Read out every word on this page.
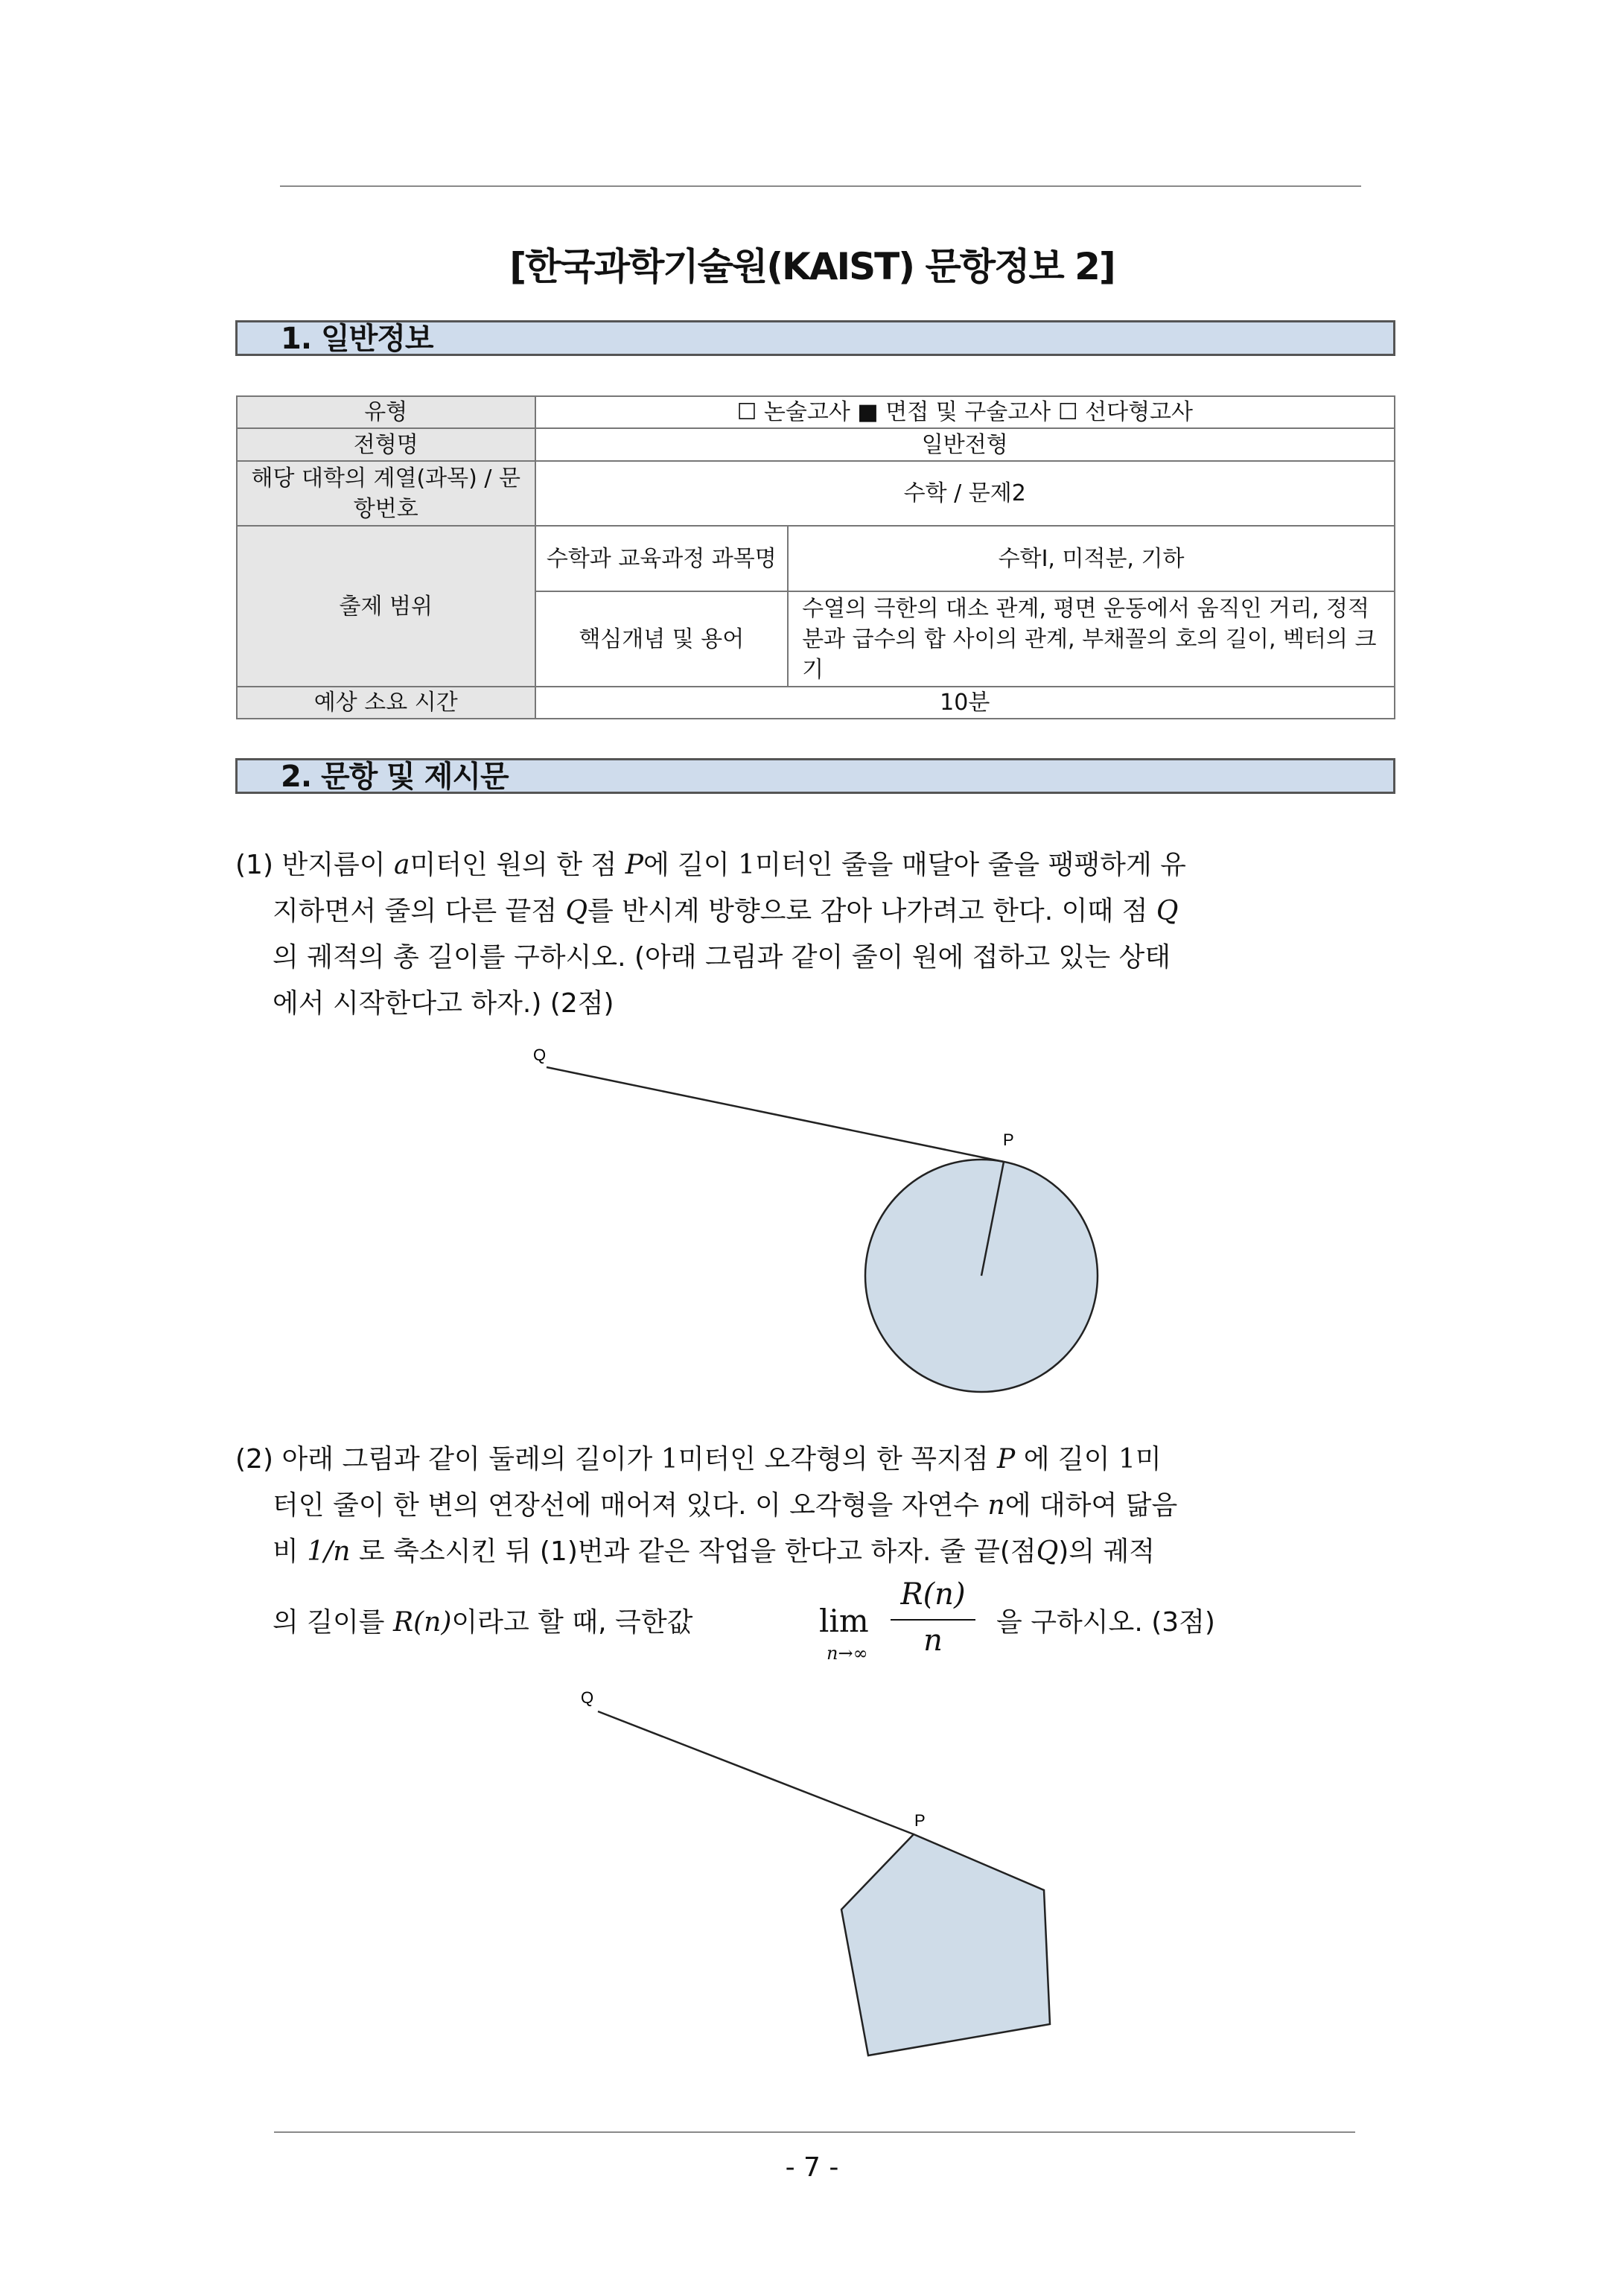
[한국과학기술원(KAIST) 문항정보 2]
1. 일반정보
유형	☐ 논술고사 ■ 면접 및 구술고사 ☐ 선다형고사	
전형명	일반전형	
해당 대학의 계열(과목) / 문항번호	수학 / 문제2	
출제 범위	수학과 교육과정 과목명	수학Ⅰ, 미적분, 기하
	핵심개념 및 용어	수열의 극한의 대소 관계, 평면 운동에서 움직인 거리, 정적분과 급수의 합 사이의 관계, 부채꼴의 호의 길이, 벡터의 크기
예상 소요 시간	10분	
2. 문항 및 제시문
(1) 반지름이 a미터인 원의 한 점 P에 길이 1미터인 줄을 매달아 줄을 팽팽하게 유
지하면서 줄의 다른 끝점 Q를 반시계 방향으로 감아 나가려고 한다. 이때 점 Q
의 궤적의 총 길이를 구하시오. (아래 그림과 같이 줄이 원에 접하고 있는 상태
에서 시작한다고 하자.) (2점)
Q
P
(2) 아래 그림과 같이 둘레의 길이가 1미터인 오각형의 한 꼭지점 P 에 길이 1미
터인 줄이 한 변의 연장선에 매어져 있다. 이 오각형을 자연수 n에 대하여 닮음
비 1/n 로 축소시킨 뒤 (1)번과 같은 작업을 한다고 하자. 줄 끝(점Q)의 궤적
의 길이를 R(n)이라고 할 때, 극한값	lim
n→∞
R(n)
n
을 구하시오. (3점)
Q
P
- 7 -
